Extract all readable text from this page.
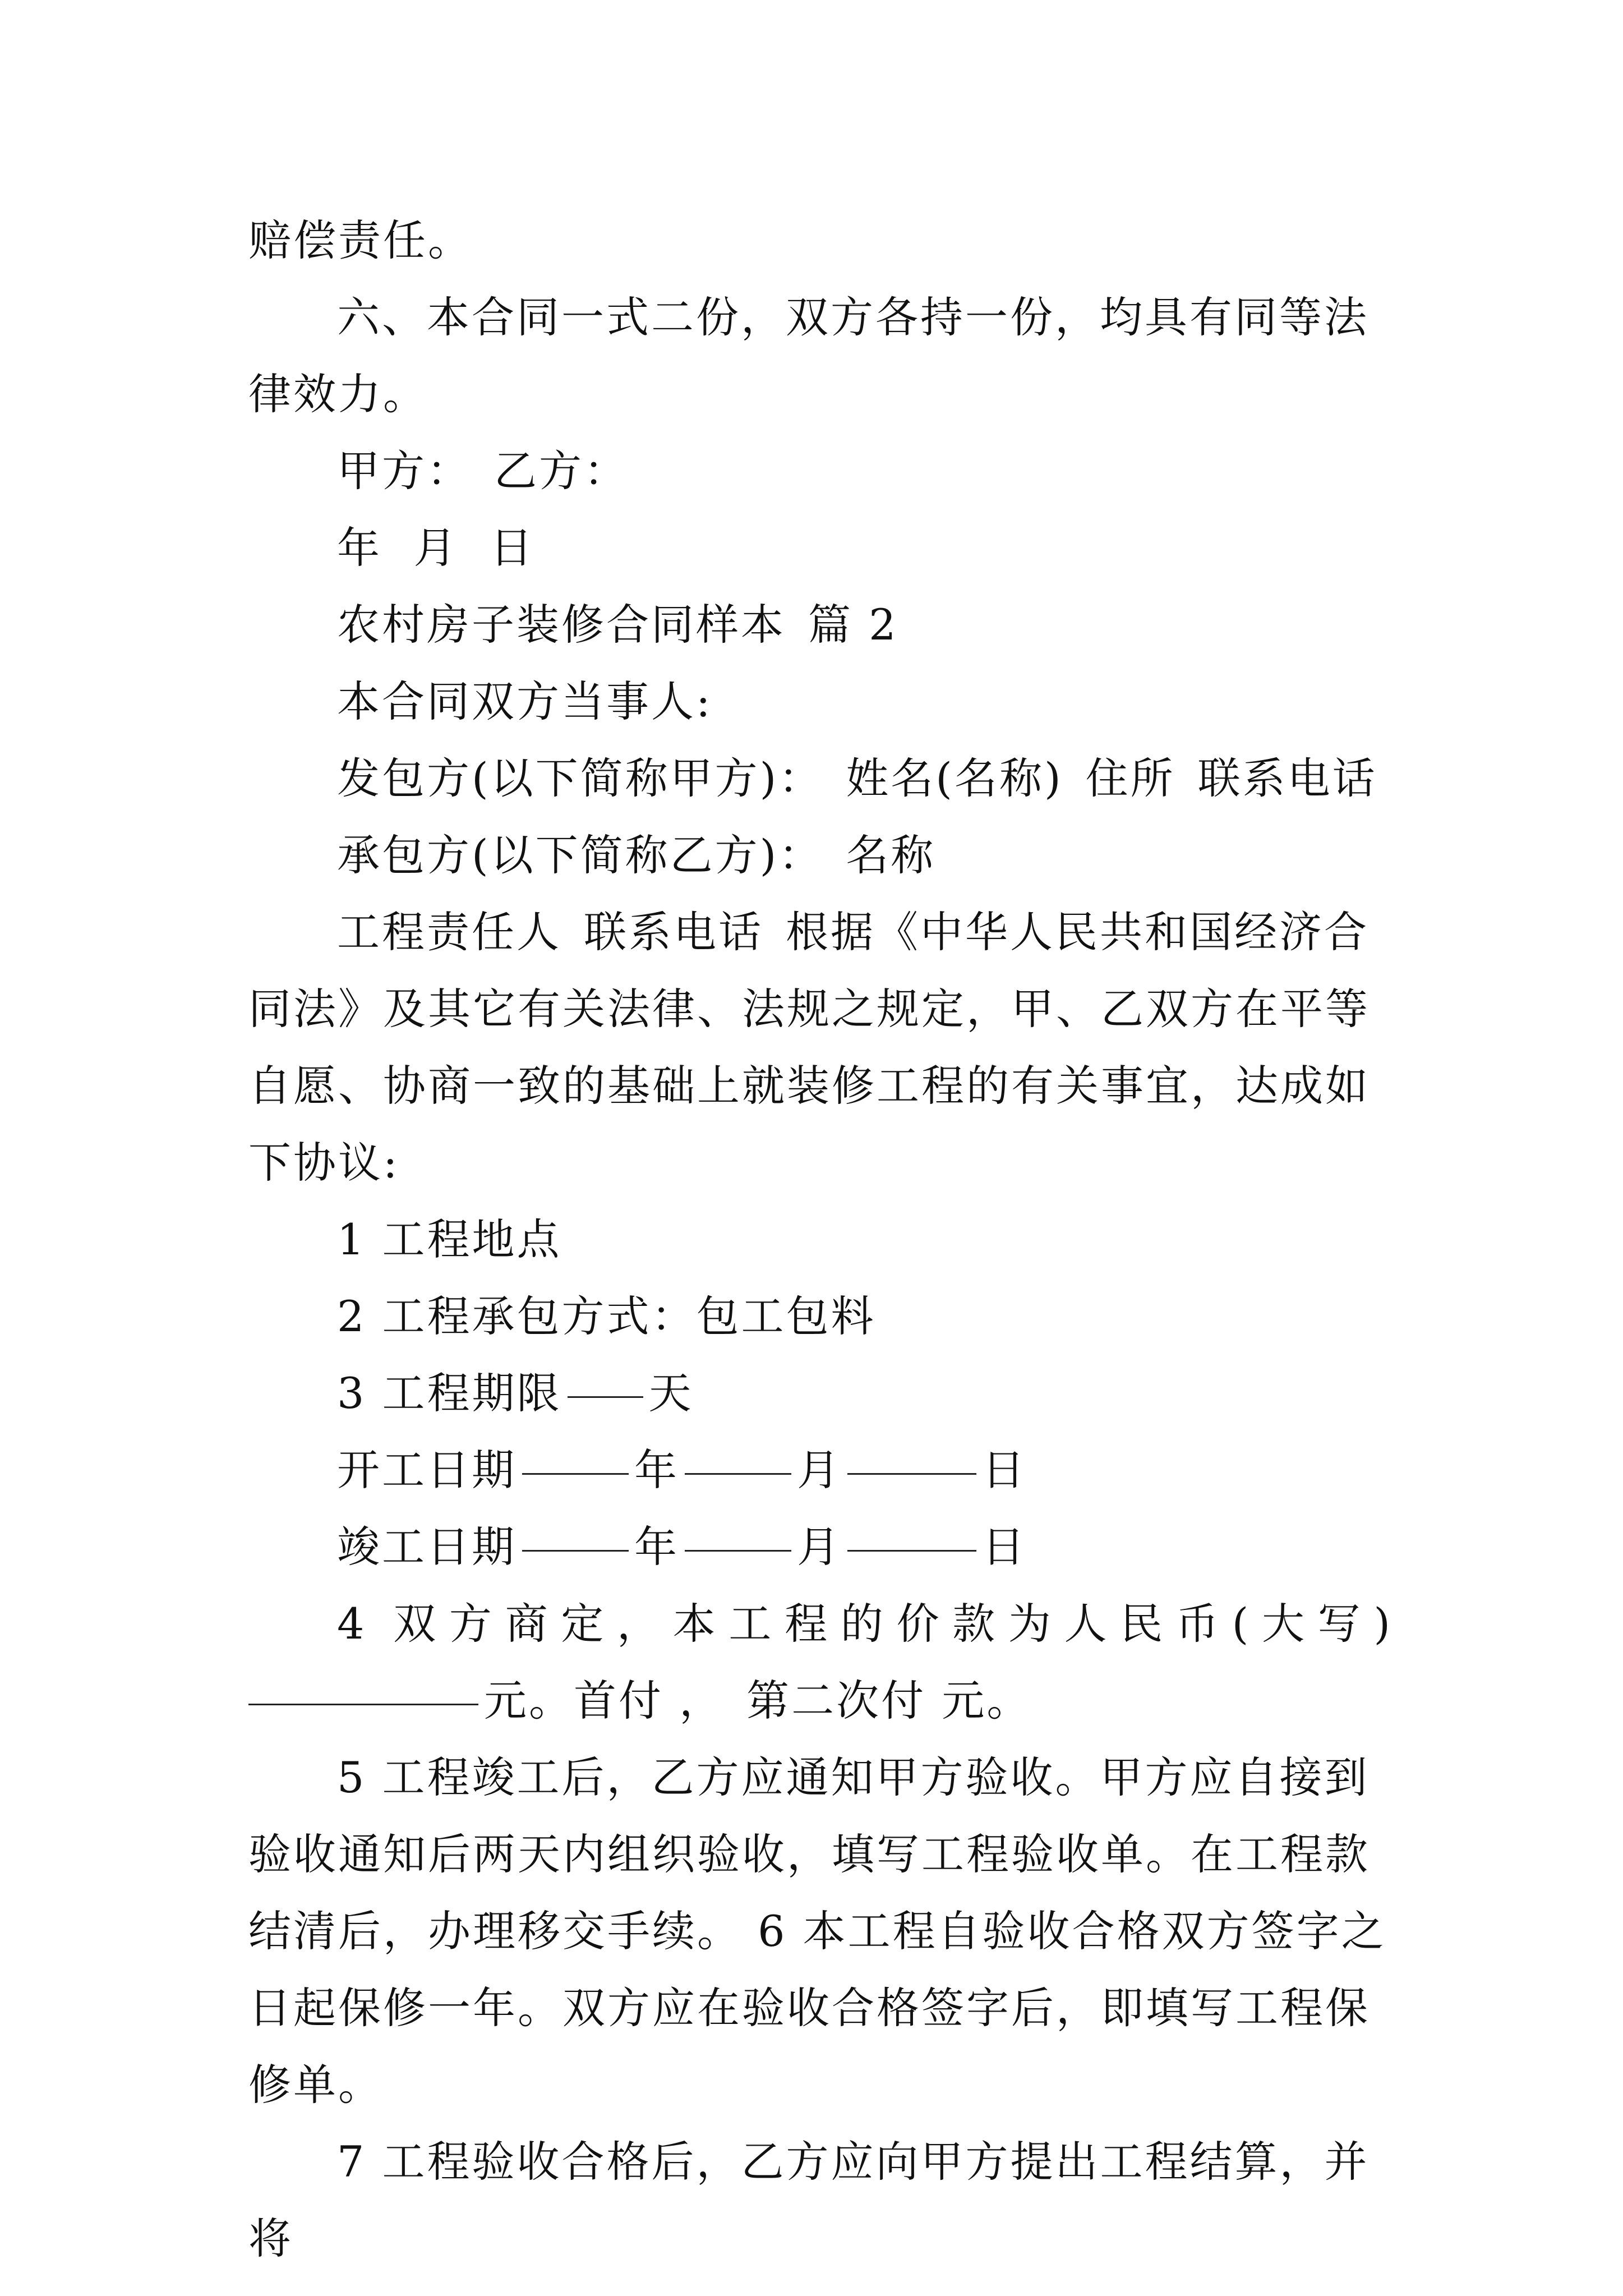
赔偿责任。

六、本合同一式二份，双方各持一份，均具有同等法律效力。

甲方： 乙方：

年  月  日

农村房子装修合同样本 篇 2

本合同双方当事人:

发包方(以下简称甲方)： 姓名(名称) 住所 联系电话

承包方(以下简称乙方)： 名称

工程责任人 联系电话 根据《中华人民共和国经济合同法》及其它有关法律、法规之规定，甲、乙双方在平等自愿、协商一致的基础上就装修工程的有关事宜，达成如下协议:

1 工程地点

2 工程承包方式：包工包料

3 工程期限 天

开工日期	年	月	日

竣工日期	年	月	日

4 双方商定，本工程的价款为人民币(大写)

元。首付 ， 第二次付 元。

5 工程竣工后，乙方应通知甲方验收。甲方应自接到验收通知后两天内组织验收，填写工程验收单。在工程款结清后，办理移交手续。 6 本工程自验收合格双方签字之日起保修一年。双方应在验收合格签字后，即填写工程保修单。

7 工程验收合格后，乙方应向甲方提出工程结算，并将
